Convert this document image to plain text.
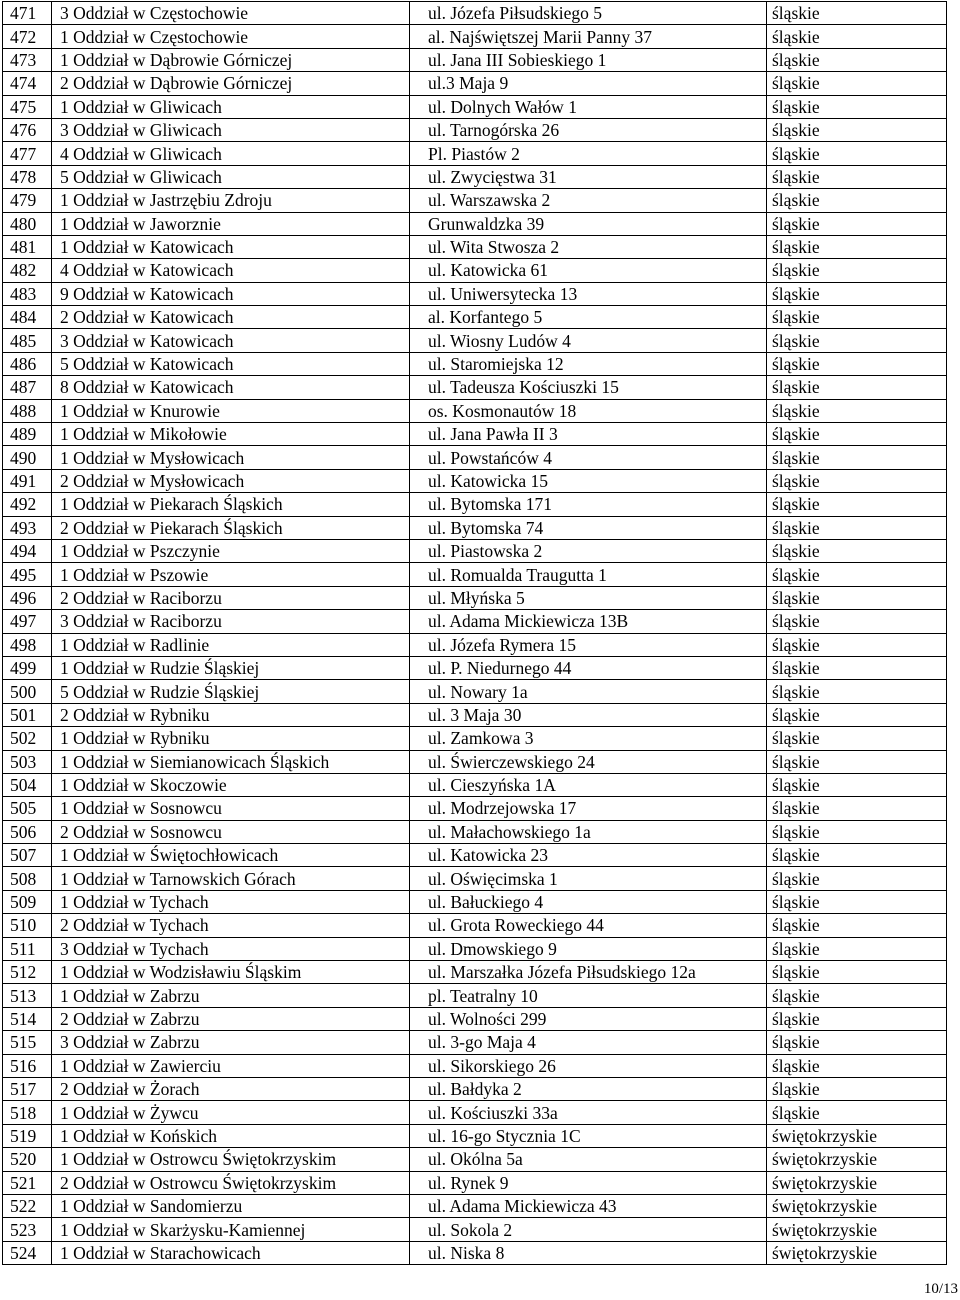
471	3 Oddział w Częstochowie	ul. Józefa Piłsudskiego 5	śląskie
472	1 Oddział w Częstochowie	al. Najświętszej Marii Panny 37	śląskie
473	1 Oddział w Dąbrowie Górniczej	ul. Jana III Sobieskiego 1	śląskie
474	2 Oddział w Dąbrowie Górniczej	ul.3 Maja 9	śląskie
475	1 Oddział w Gliwicach	ul. Dolnych Wałów 1	śląskie
476	3 Oddział w Gliwicach	ul. Tarnogórska 26	śląskie
477	4 Oddział w Gliwicach	Pl. Piastów 2	śląskie
478	5 Oddział w Gliwicach	ul. Zwycięstwa 31	śląskie
479	1 Oddział w Jastrzębiu Zdroju	ul. Warszawska 2	śląskie
480	1 Oddział w Jaworznie	Grunwaldzka 39	śląskie
481	1 Oddział w Katowicach	ul. Wita Stwosza 2	śląskie
482	4 Oddział w Katowicach	ul. Katowicka 61	śląskie
483	9 Oddział w Katowicach	ul. Uniwersytecka 13	śląskie
484	2 Oddział w Katowicach	al. Korfantego 5	śląskie
485	3 Oddział w Katowicach	ul. Wiosny Ludów 4	śląskie
486	5 Oddział w Katowicach	ul. Staromiejska 12	śląskie
487	8 Oddział w Katowicach	ul. Tadeusza Kościuszki 15	śląskie
488	1 Oddział w Knurowie	os. Kosmonautów 18	śląskie
489	1 Oddział w Mikołowie	ul. Jana Pawła II 3	śląskie
490	1 Oddział w Mysłowicach	ul. Powstańców 4	śląskie
491	2 Oddział w Mysłowicach	ul. Katowicka 15	śląskie
492	1 Oddział w Piekarach Śląskich	ul. Bytomska 171	śląskie
493	2 Oddział w Piekarach Śląskich	ul. Bytomska 74	śląskie
494	1 Oddział w Pszczynie	ul. Piastowska 2	śląskie
495	1 Oddział w Pszowie	ul. Romualda Traugutta 1	śląskie
496	2 Oddział w Raciborzu	ul. Młyńska 5	śląskie
497	3 Oddział w Raciborzu	ul. Adama Mickiewicza 13B	śląskie
498	1 Oddział w Radlinie	ul. Józefa Rymera 15	śląskie
499	1 Oddział w Rudzie Śląskiej	ul. P. Niedurnego 44	śląskie
500	5 Oddział w Rudzie Śląskiej	ul. Nowary 1a	śląskie
501	2 Oddział w Rybniku	ul. 3 Maja 30	śląskie
502	1 Oddział w Rybniku	ul. Zamkowa 3	śląskie
503	1 Oddział w Siemianowicach Śląskich	ul. Świerczewskiego 24	śląskie
504	1 Oddział w Skoczowie	ul. Cieszyńska 1A	śląskie
505	1 Oddział w Sosnowcu	ul. Modrzejowska 17	śląskie
506	2 Oddział w Sosnowcu	ul. Małachowskiego 1a	śląskie
507	1 Oddział w Świętochłowicach	ul. Katowicka 23	śląskie
508	1 Oddział w Tarnowskich Górach	ul. Oświęcimska 1	śląskie
509	1 Oddział w Tychach	ul. Bałuckiego 4	śląskie
510	2 Oddział w Tychach	ul. Grota Roweckiego 44	śląskie
511	3 Oddział w Tychach	ul. Dmowskiego 9	śląskie
512	1 Oddział w Wodzisławiu Śląskim	ul. Marszałka Józefa Piłsudskiego 12a	śląskie
513	1 Oddział w Zabrzu	pl. Teatralny 10	śląskie
514	2 Oddział w Zabrzu	ul. Wolności 299	śląskie
515	3 Oddział w Zabrzu	ul. 3-go Maja 4	śląskie
516	1 Oddział w Zawierciu	ul. Sikorskiego 26	śląskie
517	2 Oddział w Żorach	ul. Bałdyka 2	śląskie
518	1 Oddział w Żywcu	ul. Kościuszki 33a	śląskie
519	1 Oddział w Końskich	ul. 16-go Stycznia 1C	świętokrzyskie
520	1 Oddział w Ostrowcu Świętokrzyskim	ul. Okólna 5a	świętokrzyskie
521	2 Oddział w Ostrowcu Świętokrzyskim	ul. Rynek 9	świętokrzyskie
522	1 Oddział w Sandomierzu	ul. Adama Mickiewicza 43	świętokrzyskie
523	1 Oddział w Skarżysku-Kamiennej	ul. Sokola 2	świętokrzyskie
524	1 Oddział w Starachowicach	ul. Niska 8	świętokrzyskie
10/13
